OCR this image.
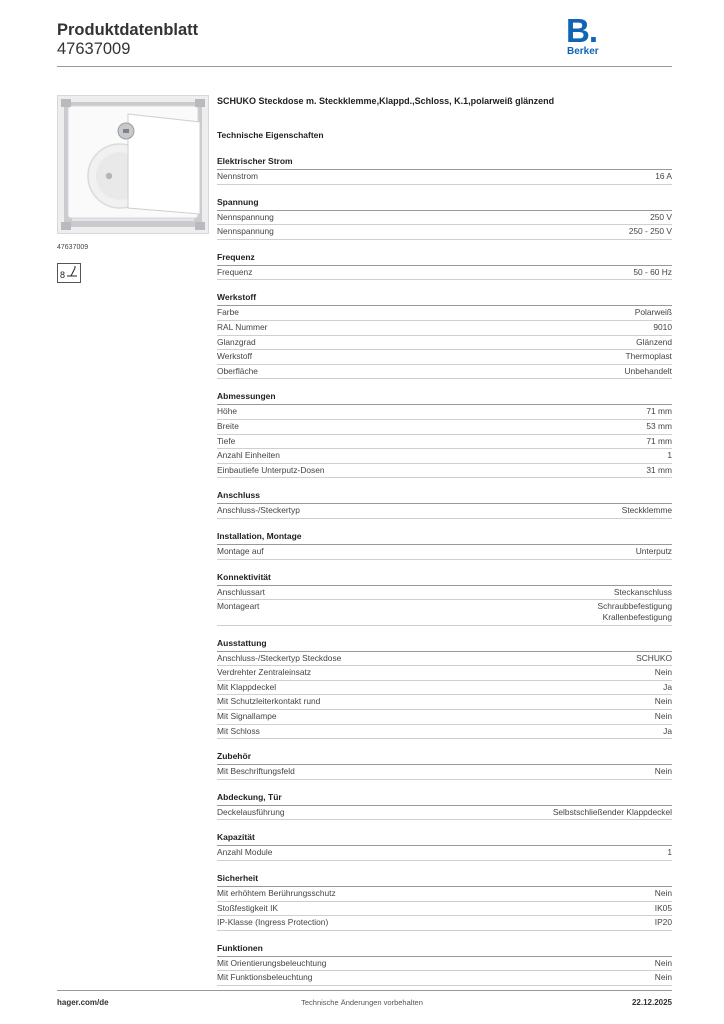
Produktdatenblatt
47637009	B.
Berker
47637009
8
SCHUKO Steckdose m. Steckklemme,Klappd.,Schloss, K.1,polarweiß glänzend
Technische Eigenschaften
Elektrischer Strom
Nennstrom	16 A
Spannung
Nennspannung	250 V
Nennspannung	250 - 250 V
Frequenz
Frequenz	50 - 60 Hz
Werkstoff
Farbe	Polarweiß
RAL Nummer	9010
Glanzgrad	Glänzend
Werkstoff	Thermoplast
Oberfläche	Unbehandelt
Abmessungen
Höhe	71 mm
Breite	53 mm
Tiefe	71 mm
Anzahl Einheiten	1
Einbautiefe Unterputz-Dosen	31 mm
Anschluss
Anschluss-/Steckertyp	Steckklemme
Installation, Montage
Montage auf	Unterputz
Konnektivität
Anschlussart	Steckanschluss
Montageart	Schraubbefestigung
Krallenbefestigung
Ausstattung
Anschluss-/Steckertyp Steckdose	SCHUKO
Verdrehter Zentraleinsatz	Nein
Mit Klappdeckel	Ja
Mit Schutzleiterkontakt rund	Nein
Mit Signallampe	Nein
Mit Schloss	Ja
Zubehör
Mit Beschriftungsfeld	Nein
Abdeckung, Tür
Deckelausführung	Selbstschließender Klappdeckel
Kapazität
Anzahl Module	1
Sicherheit
Mit erhöhtem Berührungsschutz	Nein
Stoßfestigkeit IK	IK05
IP-Klasse (Ingress Protection)	IP20
Funktionen
Mit Orientierungsbeleuchtung	Nein
Mit Funktionsbeleuchtung	Nein
hager.com/de	Technische Änderungen vorbehalten	22.12.2025
